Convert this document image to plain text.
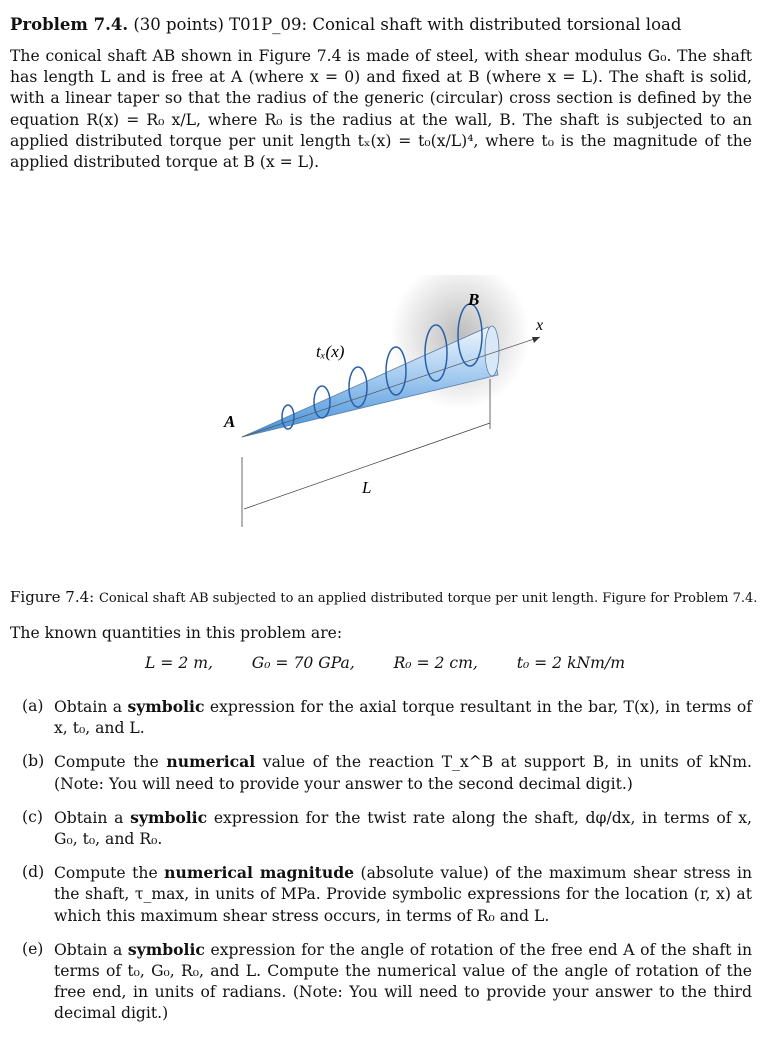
Problem 7.4. (30 points) T01P_09: Conical shaft with distributed torsional load

The conical shaft AB shown in Figure 7.4 is made of steel, with shear modulus G₀. The shaft has length L and is free at A (where x = 0) and fixed at B (where x = L). The shaft is solid, with a linear taper so that the radius of the generic (circular) cross section is defined by the equation R(x) = R₀ x/L, where R₀ is the radius at the wall, B. The shaft is subjected to an applied distributed torque per unit length tₓ(x) = t₀(x/L)⁴, where t₀ is the magnitude of the applied distributed torque at B (x = L).

A
B
x
tₓ(x)
L
Figure 7.4: Conical shaft AB subjected to an applied distributed torque per unit length. Figure for Problem 7.4.
The known quantities in this problem are:
L = 2 m, G₀ = 70 GPa, R₀ = 2 cm, t₀ = 2 kNm/m
(a) Obtain a symbolic expression for the axial torque resultant in the bar, T(x), in terms of x, t₀, and L.
(b) Compute the numerical value of the reaction T_x^B at support B, in units of kNm. (Note: You will need to provide your answer to the second decimal digit.)
(c) Obtain a symbolic expression for the twist rate along the shaft, dφ/dx, in terms of x, G₀, t₀, and R₀.
(d) Compute the numerical magnitude (absolute value) of the maximum shear stress in the shaft, τ_max, in units of MPa. Provide symbolic expressions for the location (r, x) at which this maximum shear stress occurs, in terms of R₀ and L.
(e) Obtain a symbolic expression for the angle of rotation of the free end A of the shaft in terms of t₀, G₀, R₀, and L. Compute the numerical value of the angle of rotation of the free end, in units of radians. (Note: You will need to provide your answer to the third decimal digit.)
